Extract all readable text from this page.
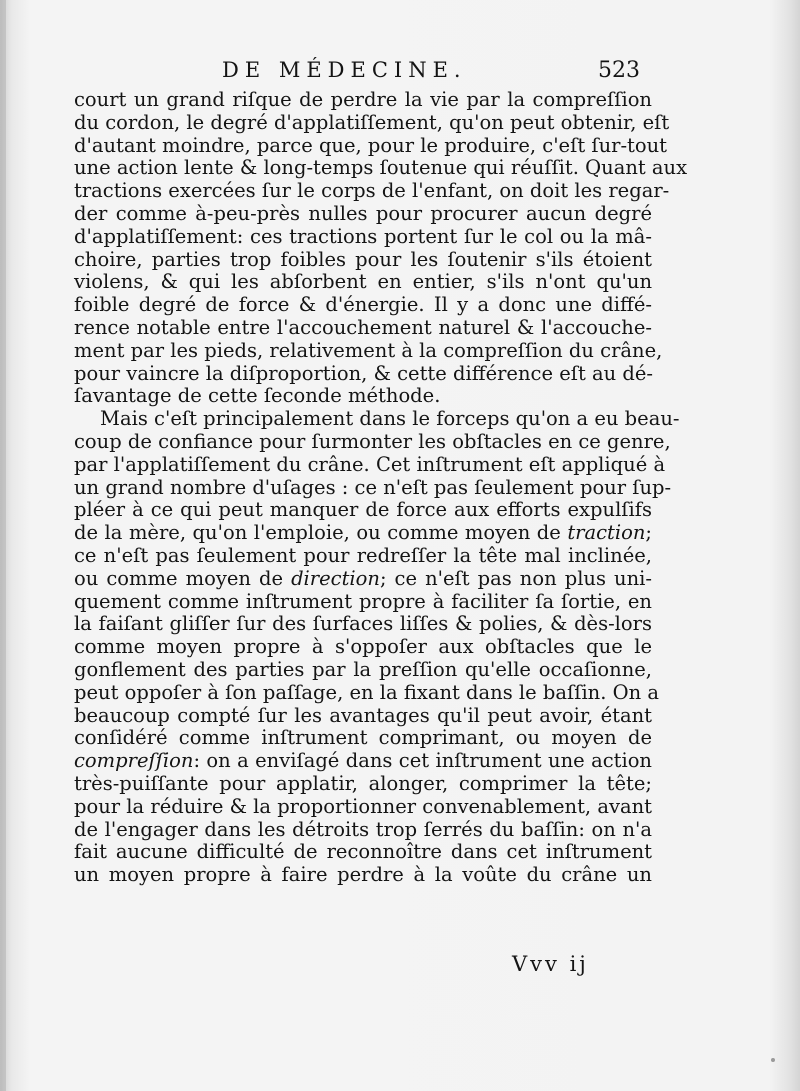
DE MÉDECINE.	523
court un grand riſque de perdre la vie par la compreſſion
du cordon, le degré d'applatiſſement, qu'on peut obtenir, eſt
d'autant moindre, parce que, pour le produire, c'eſt ſur-tout
une action lente & long-temps ſoutenue qui réuſſit. Quant aux
tractions exercées ſur le corps de l'enfant, on doit les regar-
der comme à-peu-près nulles pour procurer aucun degré
d'applatiſſement: ces tractions portent ſur le col ou la mâ-
choire, parties trop foibles pour les ſoutenir s'ils étoient
violens, & qui les abſorbent en entier, s'ils n'ont qu'un
foible degré de force & d'énergie. Il y a donc une diffé-
rence notable entre l'accouchement naturel & l'accouche-
ment par les pieds, relativement à la compreſſion du crâne,
pour vaincre la diſproportion, & cette différence eſt au dé-
ſavantage de cette ſeconde méthode.
Mais c'eſt principalement dans le forceps qu'on a eu beau-
coup de confiance pour ſurmonter les obſtacles en ce genre,
par l'applatiſſement du crâne. Cet inſtrument eſt appliqué à
un grand nombre d'uſages : ce n'eſt pas ſeulement pour ſup-
pléer à ce qui peut manquer de force aux efforts expulſifs
de la mère, qu'on l'emploie, ou comme moyen de traction;
ce n'eſt pas ſeulement pour redreſſer la tête mal inclinée,
ou comme moyen de direction; ce n'eſt pas non plus uni-
quement comme inſtrument propre à faciliter ſa ſortie, en
la faiſant gliſſer ſur des ſurfaces liſſes & polies, & dès-lors
comme moyen propre à s'oppoſer aux obſtacles que le
gonflement des parties par la preſſion qu'elle occaſionne,
peut oppoſer à ſon paſſage, en la fixant dans le baſſin. On a
beaucoup compté ſur les avantages qu'il peut avoir, étant
conſidéré comme inſtrument comprimant, ou moyen de
compreſſion: on a enviſagé dans cet inſtrument une action
très-puiſſante pour applatir, alonger, comprimer la tête;
pour la réduire & la proportionner convenablement, avant
de l'engager dans les détroits trop ſerrés du baſſin: on n'a
fait aucune difficulté de reconnoître dans cet inſtrument
un moyen propre à faire perdre à la voûte du crâne un
Vvv ij
